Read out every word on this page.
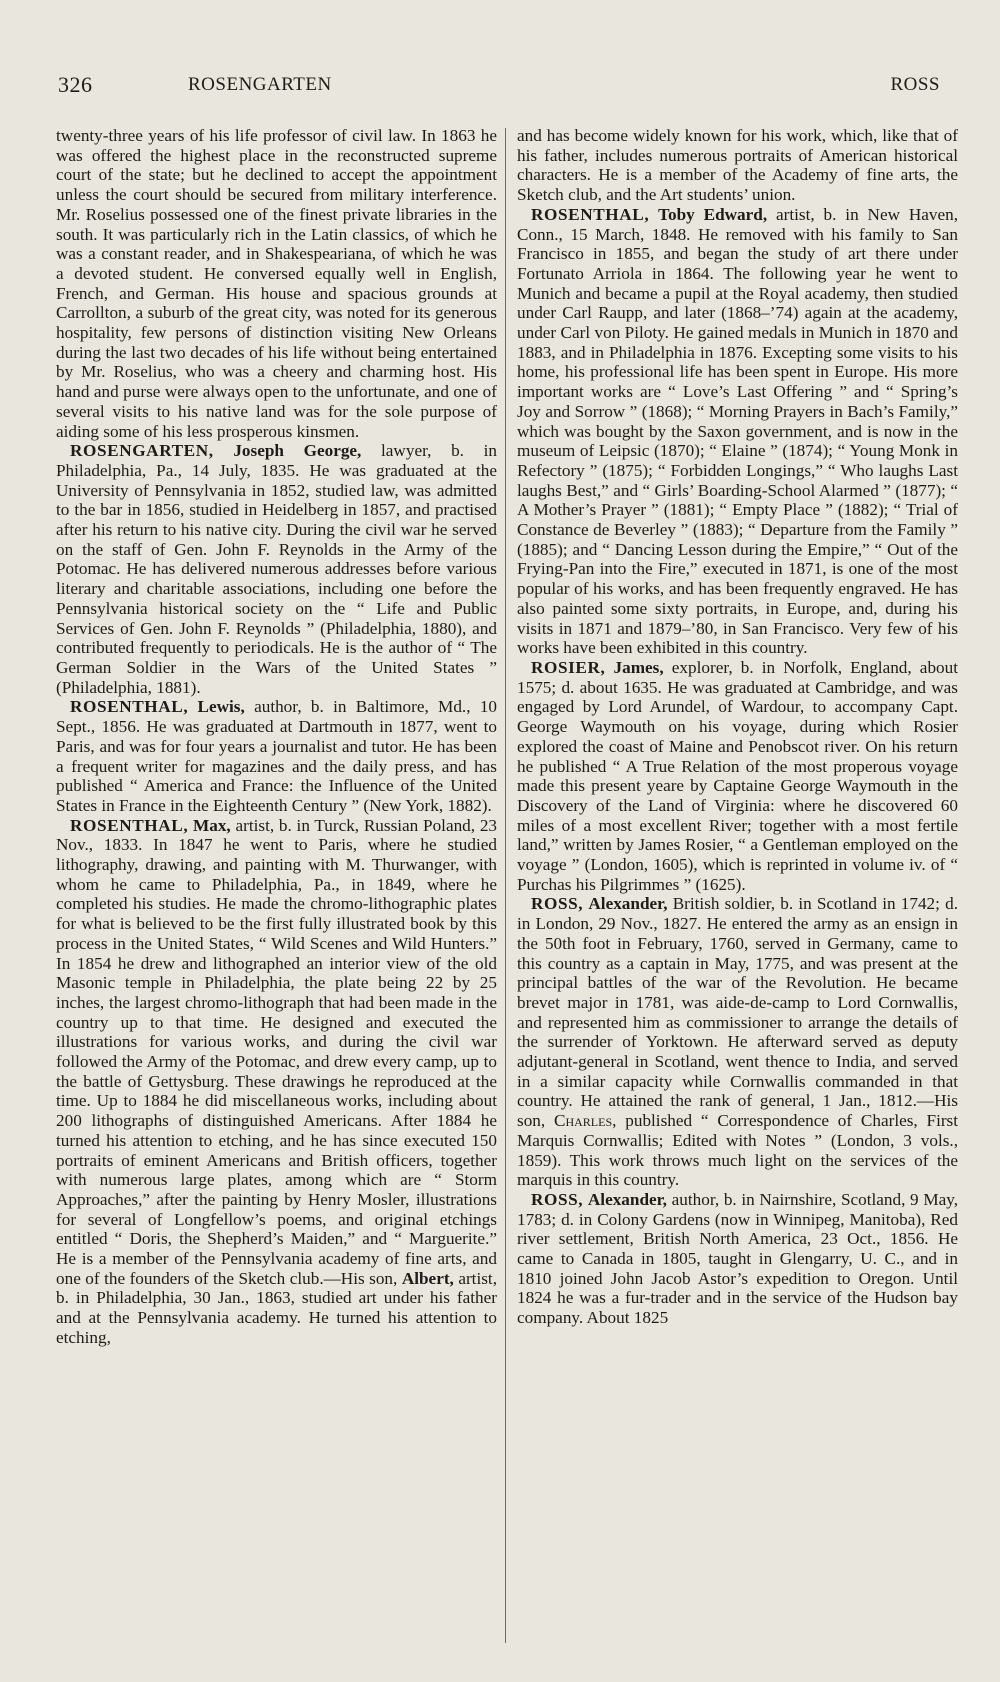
326	ROSENGARTEN	ROSS

twenty-three years of his life professor of civil law. In 1863 he was offered the highest place in the reconstructed supreme court of the state; but he declined to accept the appointment unless the court should be secured from military interference. Mr. Roselius possessed one of the finest private libraries in the south. It was particularly rich in the Latin classics, of which he was a constant reader, and in Shakespeariana, of which he was a devoted student. He conversed equally well in English, French, and German. His house and spacious grounds at Carrollton, a suburb of the great city, was noted for its generous hospitality, few persons of distinction visiting New Orleans during the last two decades of his life without being entertained by Mr. Roselius, who was a cheery and charming host. His hand and purse were always open to the unfortunate, and one of several visits to his native land was for the sole purpose of aiding some of his less prosperous kinsmen.

ROSENGARTEN, Joseph George, lawyer, b. in Philadelphia, Pa., 14 July, 1835. He was graduated at the University of Pennsylvania in 1852, studied law, was admitted to the bar in 1856, studied in Heidelberg in 1857, and practised after his return to his native city. During the civil war he served on the staff of Gen. John F. Reynolds in the Army of the Potomac. He has delivered numerous addresses before various literary and charitable associations, including one before the Pennsylvania historical society on the “ Life and Public Services of Gen. John F. Reynolds ” (Philadelphia, 1880), and contributed frequently to periodicals. He is the author of “ The German Soldier in the Wars of the United States ” (Philadelphia, 1881).

ROSENTHAL, Lewis, author, b. in Baltimore, Md., 10 Sept., 1856. He was graduated at Dartmouth in 1877, went to Paris, and was for four years a journalist and tutor. He has been a frequent writer for magazines and the daily press, and has published “ America and France: the Influence of the United States in France in the Eighteenth Century ” (New York, 1882).

ROSENTHAL, Max, artist, b. in Turck, Russian Poland, 23 Nov., 1833. In 1847 he went to Paris, where he studied lithography, drawing, and painting with M. Thurwanger, with whom he came to Philadelphia, Pa., in 1849, where he completed his studies. He made the chromo-lithographic plates for what is believed to be the first fully illustrated book by this process in the United States, “ Wild Scenes and Wild Hunters.” In 1854 he drew and lithographed an interior view of the old Masonic temple in Philadelphia, the plate being 22 by 25 inches, the largest chromo-lithograph that had been made in the country up to that time. He designed and executed the illustrations for various works, and during the civil war followed the Army of the Potomac, and drew every camp, up to the battle of Gettysburg. These drawings he reproduced at the time. Up to 1884 he did miscellaneous works, including about 200 lithographs of distinguished Americans. After 1884 he turned his attention to etching, and he has since executed 150 portraits of eminent Americans and British officers, together with numerous large plates, among which are “ Storm Approaches,” after the painting by Henry Mosler, illustrations for several of Longfellow’s poems, and original etchings entitled “ Doris, the Shepherd’s Maiden,” and “ Marguerite.” He is a member of the Pennsylvania academy of fine arts, and one of the founders of the Sketch club.—His son, Albert, artist, b. in Philadelphia, 30 Jan., 1863, studied art under his father and at the Pennsylvania academy. He turned his attention to etching,

and has become widely known for his work, which, like that of his father, includes numerous portraits of American historical characters. He is a member of the Academy of fine arts, the Sketch club, and the Art students’ union.

ROSENTHAL, Toby Edward, artist, b. in New Haven, Conn., 15 March, 1848. He removed with his family to San Francisco in 1855, and began the study of art there under Fortunato Arriola in 1864. The following year he went to Munich and became a pupil at the Royal academy, then studied under Carl Raupp, and later (1868–’74) again at the academy, under Carl von Piloty. He gained medals in Munich in 1870 and 1883, and in Philadelphia in 1876. Excepting some visits to his home, his professional life has been spent in Europe. His more important works are “ Love’s Last Offering ” and “ Spring’s Joy and Sorrow ” (1868); “ Morning Prayers in Bach’s Family,” which was bought by the Saxon government, and is now in the museum of Leipsic (1870); “ Elaine ” (1874); “ Young Monk in Refectory ” (1875); “ Forbidden Longings,” “ Who laughs Last laughs Best,” and “ Girls’ Boarding-School Alarmed ” (1877); “ A Mother’s Prayer ” (1881); “ Empty Place ” (1882); “ Trial of Constance de Beverley ” (1883); “ Departure from the Family ” (1885); and “ Dancing Lesson during the Empire,” “ Out of the Frying-Pan into the Fire,” executed in 1871, is one of the most popular of his works, and has been frequently engraved. He has also painted some sixty portraits, in Europe, and, during his visits in 1871 and 1879–’80, in San Francisco. Very few of his works have been exhibited in this country.

ROSIER, James, explorer, b. in Norfolk, England, about 1575; d. about 1635. He was graduated at Cambridge, and was engaged by Lord Arundel, of Wardour, to accompany Capt. George Waymouth on his voyage, during which Rosier explored the coast of Maine and Penobscot river. On his return he published “ A True Relation of the most properous voyage made this present yeare by Captaine George Waymouth in the Discovery of the Land of Virginia: where he discovered 60 miles of a most excellent River; together with a most fertile land,” written by James Rosier, “ a Gentleman employed on the voyage ” (London, 1605), which is reprinted in volume iv. of “ Purchas his Pilgrimmes ” (1625).

ROSS, Alexander, British soldier, b. in Scotland in 1742; d. in London, 29 Nov., 1827. He entered the army as an ensign in the 50th foot in February, 1760, served in Germany, came to this country as a captain in May, 1775, and was present at the principal battles of the war of the Revolution. He became brevet major in 1781, was aide-de-camp to Lord Cornwallis, and represented him as commissioner to arrange the details of the surrender of Yorktown. He afterward served as deputy adjutant-general in Scotland, went thence to India, and served in a similar capacity while Cornwallis commanded in that country. He attained the rank of general, 1 Jan., 1812.—His son, Charles, published “ Correspondence of Charles, First Marquis Cornwallis; Edited with Notes ” (London, 3 vols., 1859). This work throws much light on the services of the marquis in this country.

ROSS, Alexander, author, b. in Nairnshire, Scotland, 9 May, 1783; d. in Colony Gardens (now in Winnipeg, Manitoba), Red river settlement, British North America, 23 Oct., 1856. He came to Canada in 1805, taught in Glengarry, U. C., and in 1810 joined John Jacob Astor’s expedition to Oregon. Until 1824 he was a fur-trader and in the service of the Hudson bay company. About 1825
